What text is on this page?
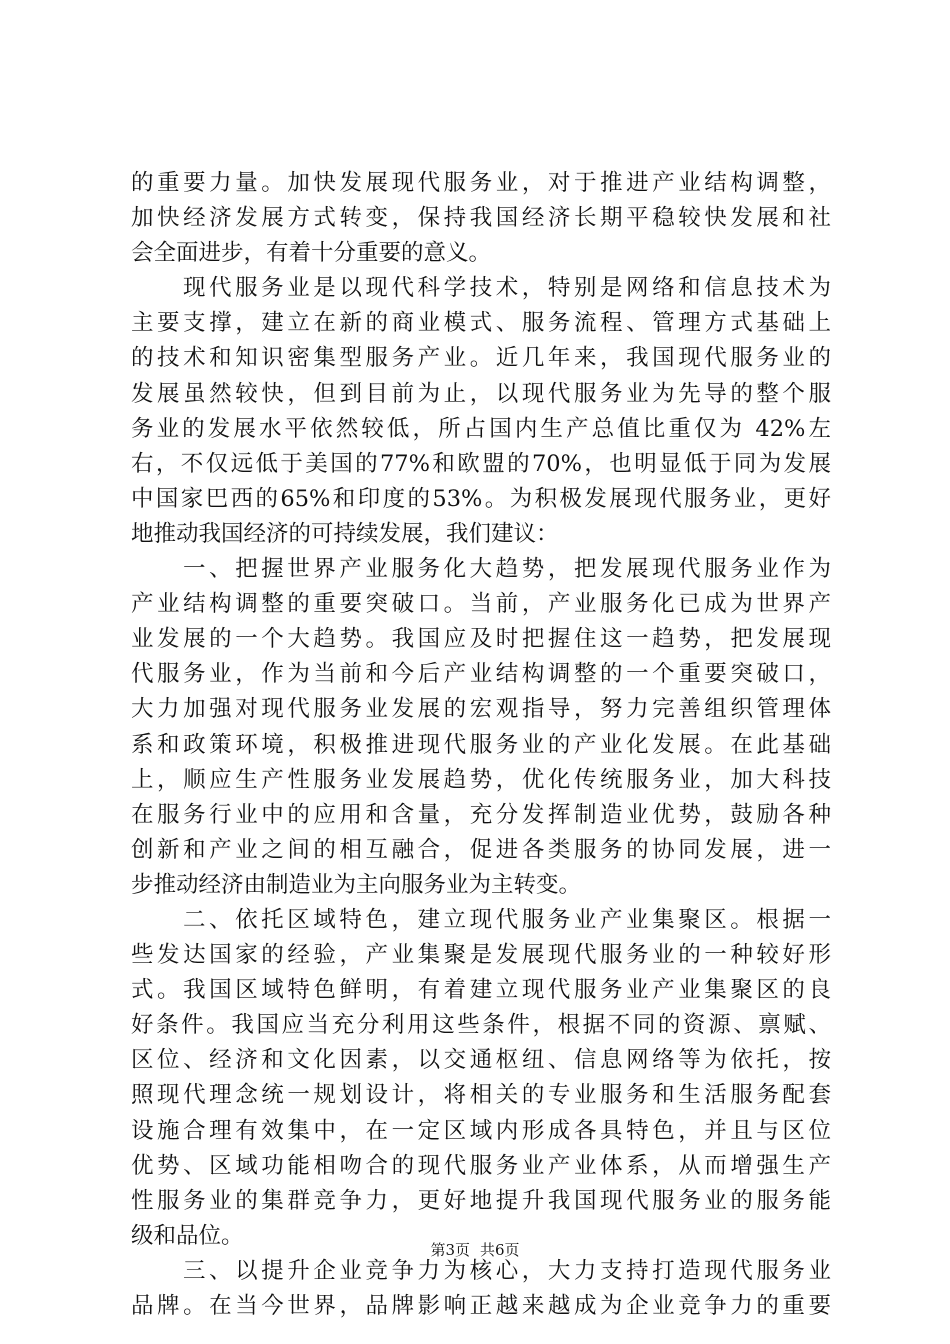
的重要力量。加快发展现代服务业，对于推进产业结构调整，
加快经济发展方式转变，保持我国经济长期平稳较快发展和社
会全面进步，有着十分重要的意义。
现代服务业是以现代科学技术，特别是网络和信息技术为
主要支撑，建立在新的商业模式、服务流程、管理方式基础上
的技术和知识密集型服务产业。近几年来，我国现代服务业的
发展虽然较快，但到目前为止，以现代服务业为先导的整个服
务业的发展水平依然较低，所占国内生产总值比重仅为 42%左
右，不仅远低于美国的77%和欧盟的70%，也明显低于同为发展
中国家巴西的65%和印度的53%。为积极发展现代服务业，更好
地推动我国经济的可持续发展，我们建议：
一、把握世界产业服务化大趋势，把发展现代服务业作为
产业结构调整的重要突破口。当前，产业服务化已成为世界产
业发展的一个大趋势。我国应及时把握住这一趋势，把发展现
代服务业，作为当前和今后产业结构调整的一个重要突破口，
大力加强对现代服务业发展的宏观指导，努力完善组织管理体
系和政策环境，积极推进现代服务业的产业化发展。在此基础
上，顺应生产性服务业发展趋势，优化传统服务业，加大科技
在服务行业中的应用和含量，充分发挥制造业优势，鼓励各种
创新和产业之间的相互融合，促进各类服务的协同发展，进一
步推动经济由制造业为主向服务业为主转变。
二、依托区域特色，建立现代服务业产业集聚区。根据一
些发达国家的经验，产业集聚是发展现代服务业的一种较好形
式。我国区域特色鲜明，有着建立现代服务业产业集聚区的良
好条件。我国应当充分利用这些条件，根据不同的资源、禀赋、
区位、经济和文化因素，以交通枢纽、信息网络等为依托，按
照现代理念统一规划设计，将相关的专业服务和生活服务配套
设施合理有效集中，在一定区域内形成各具特色，并且与区位
优势、区域功能相吻合的现代服务业产业体系，从而增强生产
性服务业的集群竞争力，更好地提升我国现代服务业的服务能
级和品位。
三、以提升企业竞争力为核心，大力支持打造现代服务业
品牌。在当今世界，品牌影响正越来越成为企业竞争力的重要
第3页 共6页
